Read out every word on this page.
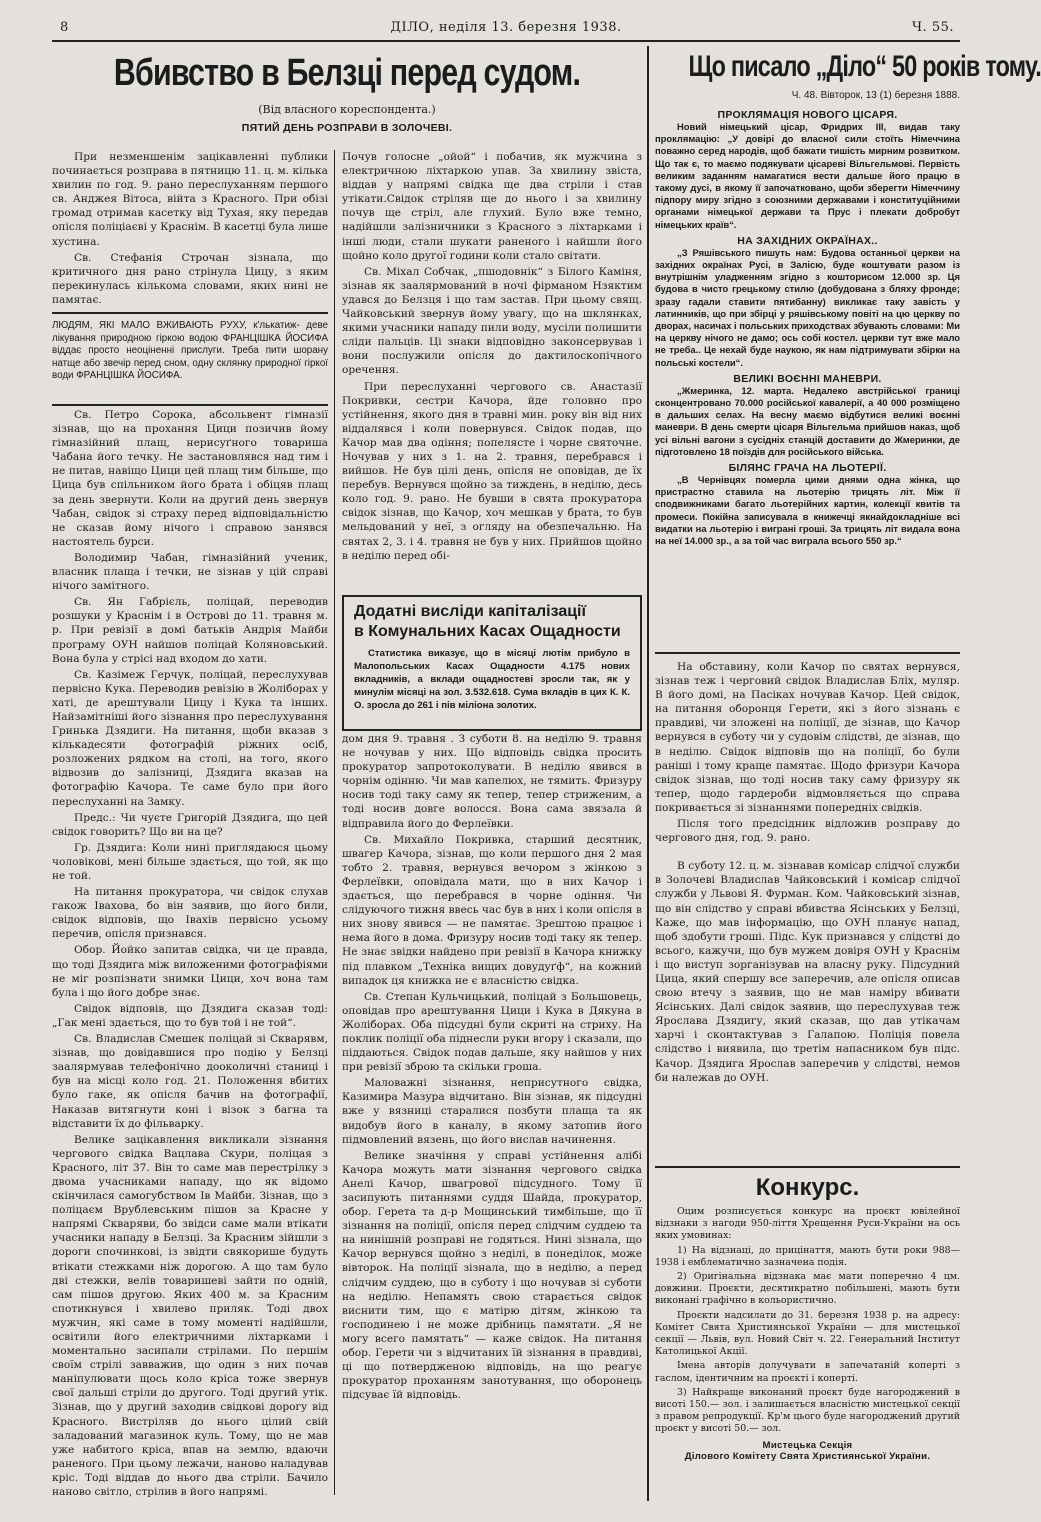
8	ДІЛО, неділя 13. березня 1938.	Ч. 55.
Вбивство в Белзці перед судом.
(Від власного кореспондента.)
ПЯТИЙ ДЕНЬ РОЗПРАВИ В ЗОЛОЧЕВІ.

При незменшенім зацікавленні публики починається розправа в пятницю 11. ц. м. кілька хвилин по год. 9. рано переслуханням першого св. Анджея Вітоса, війта з Красного. При обізі громад отримав касетку від Тухая, яку передав опісля поліціаєві у Краснім. В касетці була лише хустина.

Св. Стефанія Строчан зізнала, що критичного дня рано стрінула Цицу, з яким перекинулась кількома словами, яких нині не памятає.

ЛЮДЯМ, ЯКІ МАЛО ВЖИВАЮТЬ РУХУ, к'лькатиж- деве лікування природною гіркою водою ФРАНЦІШКА ЙОСИФА віддає просто неоціненні прислуги. Треба пити шорану натще або звечір перед сном, одну склянку природної гіркої води ФРАНЦІШКА ЙОСИФА.

Св. Петро Сорока, абсольвент гімназії зізнав, що на прохання Цици позичив йому гімназійний плащ, нерисуґного товариша Чабана його течку. Не застановлявся над тим і не питав, навіщо Цици цей плащ тим більше, що Цица був спільником його брата і обіцяв плащ за день звернути. Коли на другий день звернув Чабан, свідок зі страху перед відповідальністю не сказав йому нічого і справою занявся настоятель бурси.

Володимир Чабан, гімназійний ученик, власник плаща і течки, не зізнав у цій справі нічого замітного.

Св. Ян Габрієль, поліцай, переводив розшуки у Краснім і в Острові до 11. травня м. р. При ревізії в домі батьків Андрія Майби програму ОУН найшов поліцай Коляновський. Вона була у стрісі над входом до хати.

Св. Казімеж Герчук, поліцай, переслухував первісно Кука. Переводив ревізію в Жолібораx у хаті, де арештували Цицу і Кука та інших. Найзамітніші його зізнання про переслухування Гринька Дзядиги. На питання, щоби вказав з кількадесяти фотографій ріжних осіб, розложених рядком на столі, на того, якого відвозив до залізниці, Дзядига вказав на фотографію Качора. Те саме було при його переслуханні на Замку.

Предс.: Чи чуєте Григорій Дзядига, що цей свідок говорить? Що ви на це?

Гр. Дзядига: Коли нині приглядаюся цьому чоловікові, мені більше здається, що той, як що не той.

На питання прокуратора, чи свідок слухав гакож Івахова, бо він заявив, що його били, свідок відповів, що Івахів первісно усьому перечив, опісля признався.

Обор. Йойко запитав свідка, чи це правда, що тоді Дзядига між виложеними фотографіями не міг розпізнати знимки Цици, хоч вона там була і що його добре знає.

Свідок відповів, що Дзядига сказав тоді: „Гак мені здається, що то був той і не той“.

Св. Владислав Смешек поліцай зі Скварявм, зізнав, що довідавшися про подію у Белзці заалярмував телефонічно дооколичні станиці і був на місці коло год. 21. Положення вбитих було гаке, як опісля бачив на фотографії, Наказав витягнути коні і візок з багна та відставити їх до фільварку.

Велике зацікавлення викликали зізнання чергового свідка Вацлава Скури, поліцая з Красного, літ 37. Він то саме мав перестрілку з двома учасниками нападу, що як відомо скінчилася самогубством Ів Майби. Зізнав, що з поліцаєм Врублевським пішов за Красне у напрямі Скваряви, бо звідси саме мали втікати учасники нападу в Белзці. За Красним зійшли з дороги спочинкові, із звідти свякорише будуть втікати стежками ніж дорогою. А що там було дві стежки, велів товаришеві зайти по одній, сам пішов другою. Яких 400 м. за Красним спотикнувся і хвилево приляк. Тоді двох мужчин, які саме в тому моменті надійшли, освітили його електричними ліхтарками і моментально засипали стрілами. По першім своїм стрілі завважив, що один з них почав маніпулювати щось коло кріса тоже звернув свої дальші стріли до другого. Тоді другий утік. Зізнав, що у другий заходив свідкові дорогу від Красного. Вистріляв до нього цілий свій заладований магазинок куль. Тому, що не мав уже набитого кріса, впав на землю, вдаючи раненого. При цьому лежачи, наново наладував кріс. Тоді віддав до нього два стріли. Бачило наново світло, стрілив в його напрямі.

Почув голосне „ойой“ і побачив, як мужчина з електричною ліхтаркою упав. За хвилину звіста, віддав у напрямі свідка ще два стріли і став утікати.Свідок стріляв ще до нього і за хвилину почув ще стріл, але глухий. Було вже темно, надійшли залізничники з Красного з ліхтарками і інші люди, стали шукати раненого і найшли його щойно коло другої години коли стало світати.

Св. Міхал Собчак, „пшодовнік“ з Білого Каміня, зізнав як заалярмований в ночі фірманом Нзяктим удався до Белзця і що там застав. При цьому свящ. Чайковський звернув йому увагу, що на шклянках, якими учасники нападу пили воду, мусіли полишити сліди пальців. Ці знаки відповідно законсервував і вони послужили опісля до дактилоскопічного оречення.

При переслуханні чергового св. Анастазії Покривки, сестри Качора, йде головно про устійнення, якого дня в травні мин. року він від них віддалявся і коли повернувся. Свідок подав, що Качор мав два одіння; попелясте і чорне святочне. Ночував у них з 1. на 2. травня, перебрався і вийшов. Не був цілі день, опісля не оповідав, де їх перебув. Вернувся щойно за тиждень, в неділю, десь коло год. 9. рано. Не бувши в свята прокуратора свідок зізнав, що Качор, хоч мешкав у брата, то був мельдований у неї, з огляду на обезпечальню. На святах 2, 3. і 4. травня не був у них. Прийшов щойно в неділю перед обі-

Додатні висліди капіталізації
в Комунальних Касах Ощадности

Статистика виказує, що в місяці лютім прибуло в Малопольських Касах Ощадности 4.175 нових вкладників, а вклади ощадностеві зросли так, як у минулім місяці на зол. 3.532.618. Сума вкладів в цих К. К. О. зросла до 261 і пів міліона золотих.

дом дня 9. травня . З суботи 8. на неділю 9. травня не ночував у них. Що відповідь свідка просить прокуратор запротоколувати. В неділю явився в чорнім одінню. Чи мав капелюх, не тямить. Фризуру носив тоді таку саму як тепер, тепер стриженим, а тоді носив довге волосся. Вона сама звязала й відправила його до Ферлеївки.

Св. Михайло Покривка, старший десятник, швагер Качора, зізнав, що коли першого дня 2 мая тобто 2. травня, вернувся вечором з жінкою з Ферлеївки, оповідала мати, що в них Качор і здається, що перебрався в чорне одіння. Чи слідуючого тижня ввесь час був в них і коли опісля в них знову явився — не памятає. Зрештою працює і нема його в дома. Фризуру носив тоді таку як тепер. Не знає звідки найдено при ревізії в Качора книжку під плавком „Техніка вищих довудуґф“, на кожний випадок ця книжка не є власністю свідка.

Св. Степан Кульчицький, поліцай з Большовець, оповідав про арештування Цици і Кука в Дякуна в Жолібораx. Оба підсудні були скриті на стриху. На поклик поліції оба піднесли руки вгору і сказали, що піддаються. Свідок подав дальше, яку найшов у них при ревізії зброю та скільки гроша.

Маловажні зізнання, неприсутного свідка, Казимира Мазура відчитано. Він зізнав, як підсудні вже у вязниці старалися позбути плаща та як видобув його в каналу, в якому затопив його підмовлений вязень, що його вислав начинення.

Велике значіння у справі устійнення алібі Качора можуть мати зізнання чергового свідка Анелі Качор, швагрової підсудного. Тому її засипують питаннями суддя Шайда, прокуратор, обор. Герета та д-р Мощинський тимбільше, що її зізнання на поліції, опісля перед слідчим суддею та на нинішній розправі не годяться. Нині зізнала, що Качор вернувся щойно з неділі, в понеділок, може вівторок. На поліції зізнала, що в неділю, а перед слідчим суддею, що в суботу і що ночував зі суботи на неділю. Непамять свою старається свідок виснити тим, що є матірю дітям, жінкою та господинею і не може дрібниць памятати. „Я не могу всего памятать“ — каже свідок. На питання обор. Герети чи з відчитаних їй зізнання в правдиві, ці що потвердженою відповідь, на що реагує прокуратор проханням занотування, що оборонець підсуває їй відповідь.

Що писало „Діло“ 50 років тому.
Ч. 48. Вівторок, 13 (1) березня 1888.
ПРОКЛЯМАЦІЯ НОВОГО ЦІСАРЯ.

Новий німецький цісар, Фридрих III, видав таку проклямацію: „У довірі до власної сили стоїть Німеччина поважно серед народів, щоб бажати тишість мирним розвитком. Що так є, то маємо подякувати цісареві Вільгельмові. Первість великим заданням намагатися вести дальше його працю в такому дусі, в якому її започатковано, щоби зберегти Німеччину підпору миру згідно з союзними державами і конституційними органами німецької держави та Прус і плекати добробут німецьких країв“.

НА ЗАХІДНИХ ОКРАЇНАХ..

„З Ряшівського пишуть нам: Будова останньої церкви на західних окраїнах Русі, в Залісю, буде коштувати разом із внутрішнім уладженням згідно з кошторисом 12.000 зр. Ця будова в чисто грецькому стилю (добудована з бляху фронде; зразу гадали ставити пятибанну) викликає таку завість у латинників, що при збірці у ряшівському повіті на цю церкву по дворах, насичах і польських приходствах збувають словами: Ми на церкву нічого не дамо; ось собі костел. церкви тут вже мало не треба.. Це нехай буде наукою, як нам підтримувати збірки на польські костели“.

ВЕЛИКІ ВОЄННІ МАНЕВРИ.

„Жмеринка, 12. марта. Недалеко австрійської границі сконцентровано 70.000 російської кавалерії, а 40 000 розміщено в дальших селах. На весну маємо відбутися великі воєнні маневри. В день смерти цісаря Вільгельма прийшов наказ, щоб усі вільні вагони з сусідніх станцій доставити до Жмеринки, де підготовлено 18 поїздів для російського війська.

БІЛЯНС ГРАЧА НА ЛЬОТЕРІЇ.

„В Чернівцях померла цими днями одна жінка, що пристрастно ставила на льотерію трицять літ. Між її сподвижниками багато льотерійних картин, колекції квитів та промеси. Покійна записувала в книжечці якнайдокладніше всі видатки на льотерію і виграні гроші. За трицять літ видала вона на неї 14.000 зр., а за той час виграла всього 550 зр.“

На обставину, коли Качор по святах вернувся, зізнав теж і черговий свідок Владислав Бліх, муляр. В його домі, на Пасіках ночував Качор. Цей свідок, на питання оборонця Герети, які з його зізнань є правдиві, чи зложені на поліції, де зізнав, що Качор вернувся в суботу чи у судовім слідстві, де зізнав, що в неділю. Свідок відповів що на поліції, бо були раніші і тому краще памятає. Щодо фризури Качора свідок зізнав, що тоді носив таку саму фризуру як тепер, щодо гардероби відмовляється що справа покривається зі зізнаннями попередніх свідків.

Після того предсідник відложив розправу до чергового дня, год. 9. рано.

В суботу 12. ц. м. зізнавав комісар слідчої служби в Золочеві Владислав Чайковський і комісар слідчої служби у Львові Я. Фурман. Ком. Чайковський зізнав, що він слідство у справі вбивства Ясінських у Белзці, Каже, що мав інформацію, що ОУН планує напад, щоб здобути гроші. Підс. Кук признався у слідстві до всього, кажучи, що був мужем довіря ОУН у Краснім і що виступ зорганізував на власну руку. Підсудний Цица, який спершу все заперечив, але опісля описав свою втечу з заявив, що не мав наміру вбивати Ясінських. Далі свідок заявив, що переслухував теж Ярослава Дзядигу, який сказав, що дав утікачам харчі і сконтактував з Галапою. Поліція повела слідство і виявила, що третім напасником був підс. Качор. Дзядига Ярослав заперечив у слідстві, немов би належав до ОУН.

Конкурс.

Оцим розписується конкурс на проєкт ювілейної відзнаки з нагоди 950-ліття Хрещення Руси-України на ось яких умовинах:

1) На відзнаці, до прицінаття, мають бути роки 988—1938 і емблематично зазначена подія.

2) Оригінальна відзнака має мати поперечно 4 цм. довжини. Проєкти, десятикратно побільшені, мають бути виконані графічно в кольористично.

Проєкти надсилати до 31. березня 1938 р. на адресу: Комітет Свята Християнської України — для мистецької секції — Львів, вул. Новий Світ ч. 22. Генеральний Інститут Католицької Акції.

Імена авторів долучувати в запечатаній коперті з гаслом, ідентичним на проєкті і коперті.

3) Найкраще виконаний проєкт буде нагороджений в висоті 150.— зол. і залишається власністю мистецької секції з правом репродукції. Кр'м цього буде нагороджений другий проєкт у висоті 50.— зол.

Мистецька Секція
Ділового Комітету Свята Християнської України.
